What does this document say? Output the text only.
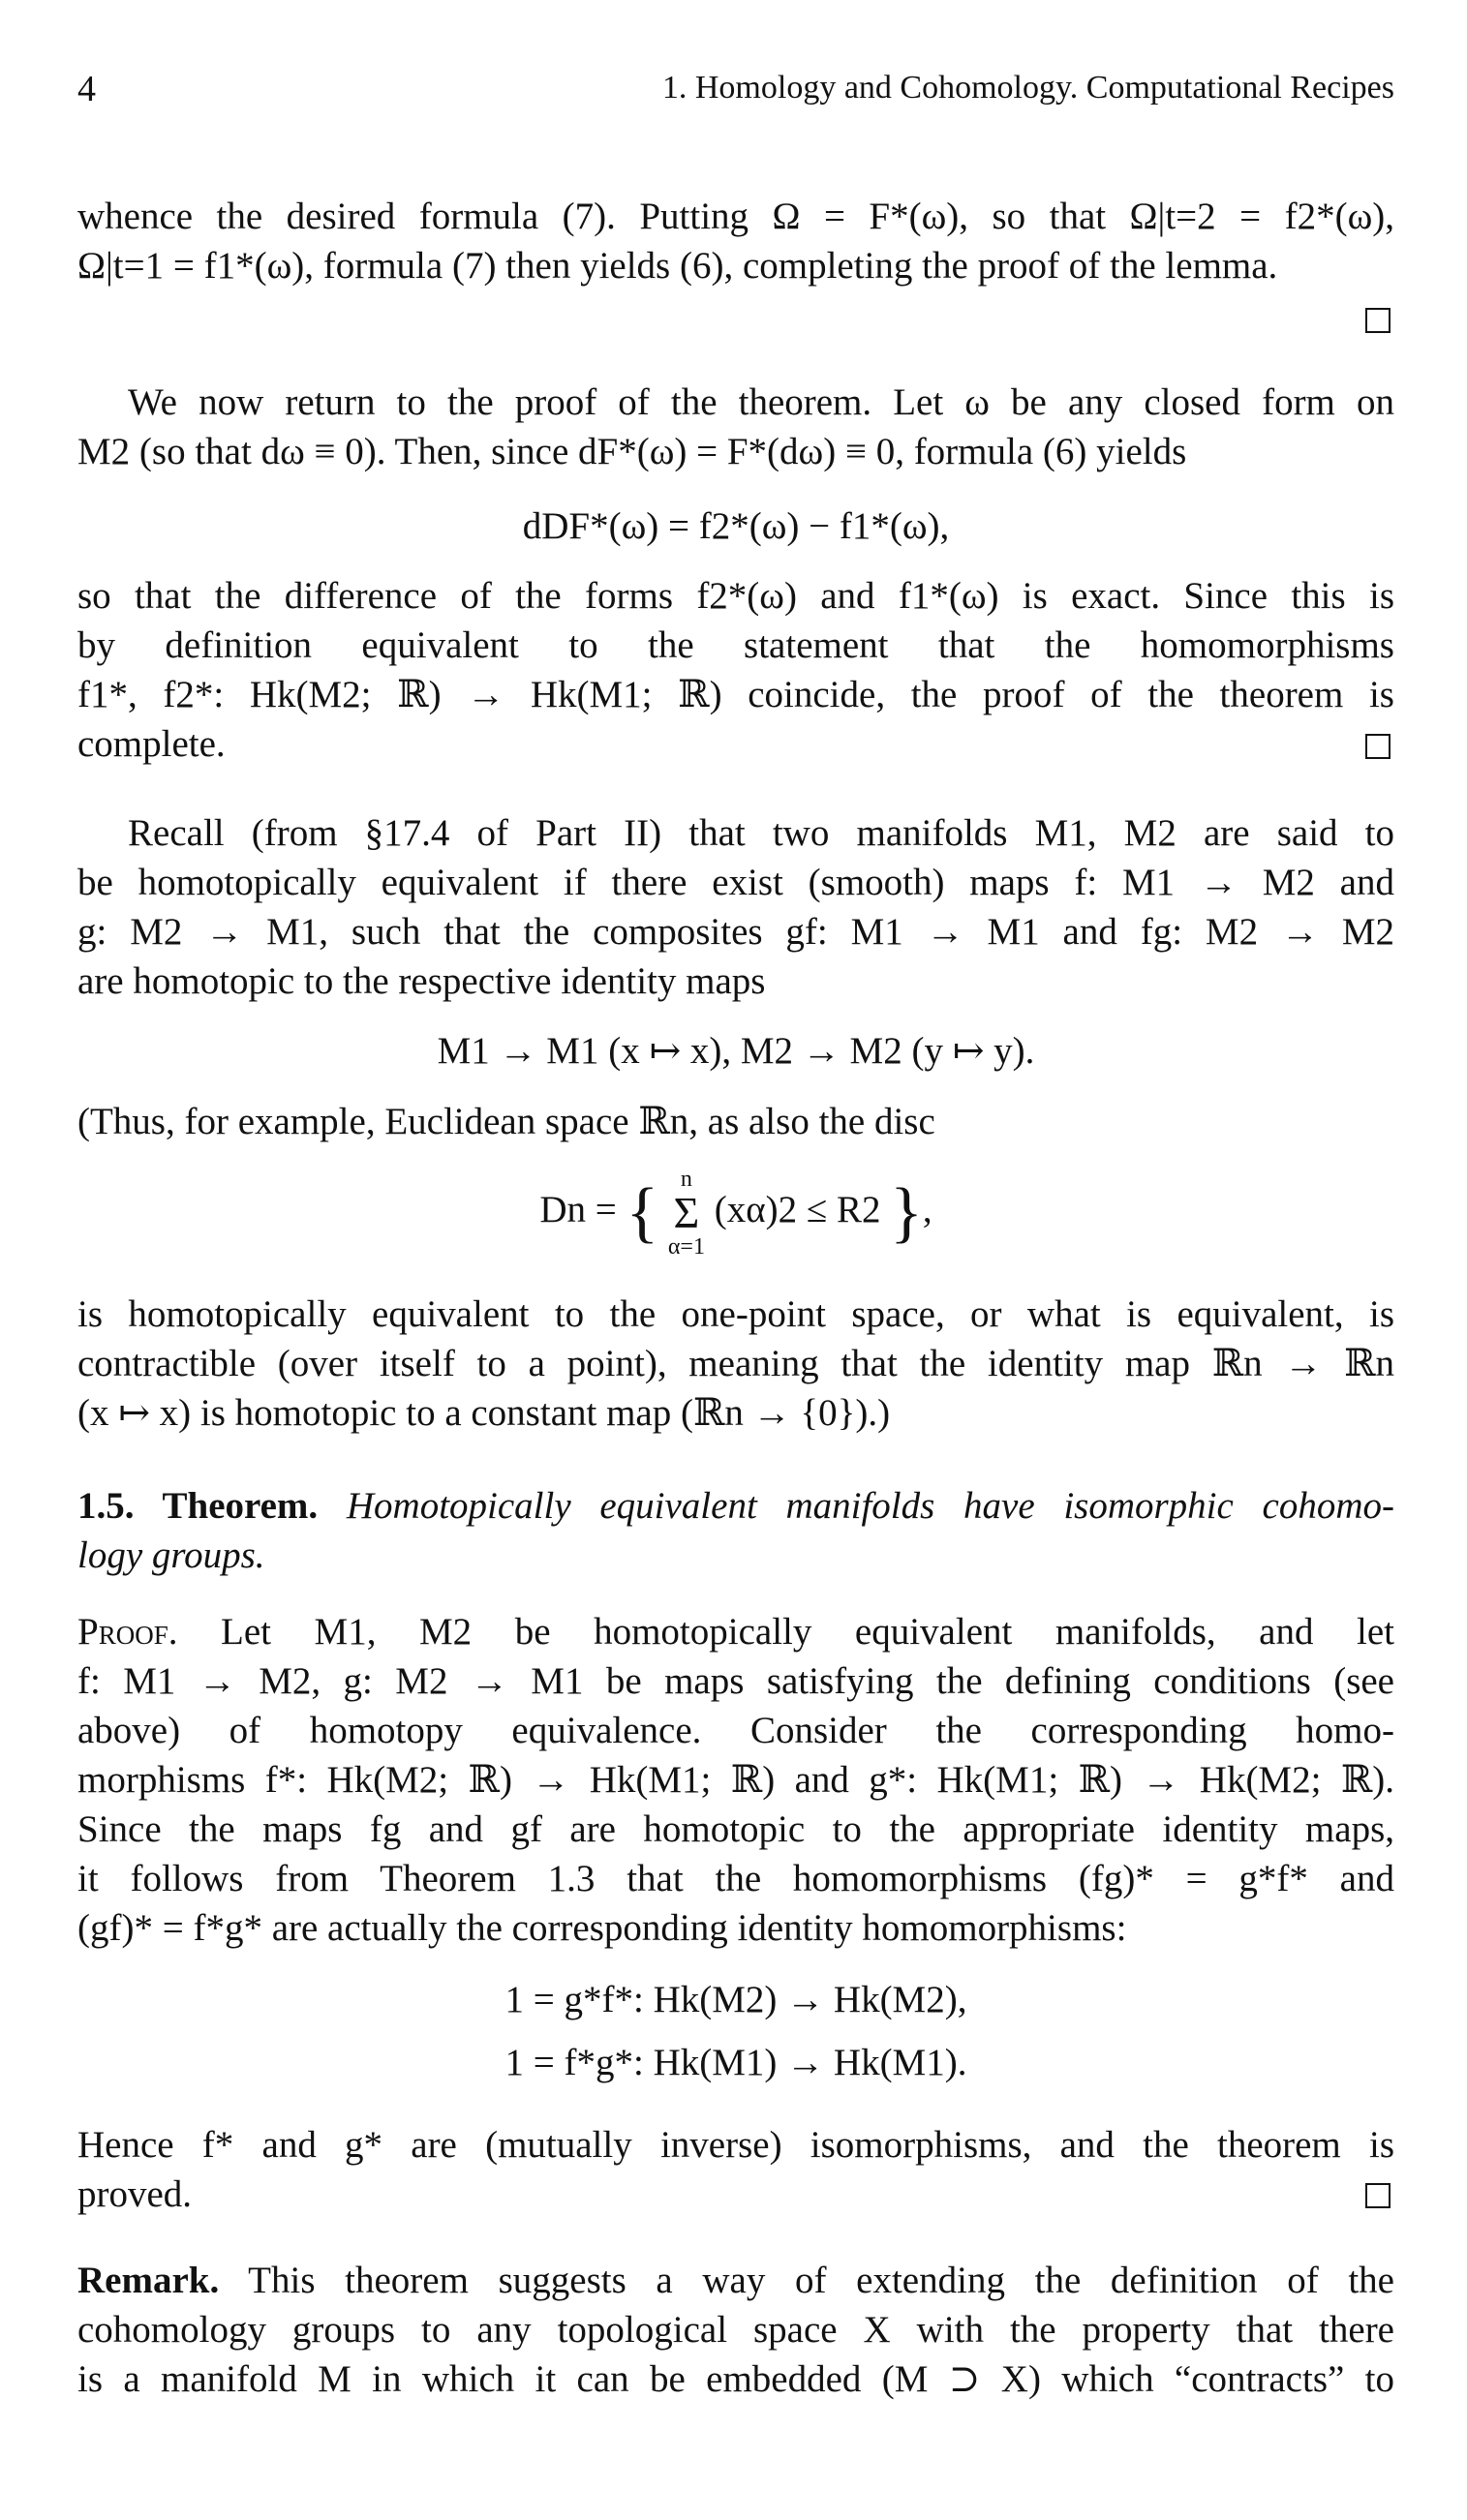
4	1. Homology and Cohomology. Computational Recipes
whence the desired formula (7). Putting Ω = F*(ω), so that Ω|t=2 = f2*(ω),
Ω|t=1 = f1*(ω), formula (7) then yields (6), completing the proof of the lemma.
We now return to the proof of the theorem. Let ω be any closed form on
M2 (so that dω ≡ 0). Then, since dF*(ω) = F*(dω) ≡ 0, formula (6) yields
dDF*(ω) = f2*(ω) − f1*(ω),
so that the difference of the forms f2*(ω) and f1*(ω) is exact. Since this is
by definition equivalent to the statement that the homomorphisms
f1*, f2*: Hk(M2; ℝ) → Hk(M1; ℝ) coincide, the proof of the theorem is
complete.
Recall (from §17.4 of Part II) that two manifolds M1, M2 are said to
be homotopically equivalent if there exist (smooth) maps f: M1 → M2 and
g: M2 → M1, such that the composites gf: M1 → M1 and fg: M2 → M2
are homotopic to the respective identity maps
M1 → M1 (x ↦ x), M2 → M2 (y ↦ y).
(Thus, for example, Euclidean space ℝn, as also the disc
Dn = { n
Σ
α=1
(xα)2 ≤ R2 },
is homotopically equivalent to the one-point space, or what is equivalent, is
contractible (over itself to a point), meaning that the identity map ℝn → ℝn
(x ↦ x) is homotopic to a constant map (ℝn → {0}).)
1.5. Theorem. Homotopically equivalent manifolds have isomorphic cohomo-
logy groups.
Proof. Let M1, M2 be homotopically equivalent manifolds, and let
f: M1 → M2, g: M2 → M1 be maps satisfying the defining conditions (see
above) of homotopy equivalence. Consider the corresponding homo-
morphisms f*: Hk(M2; ℝ) → Hk(M1; ℝ) and g*: Hk(M1; ℝ) → Hk(M2; ℝ).
Since the maps fg and gf are homotopic to the appropriate identity maps,
it follows from Theorem 1.3 that the homomorphisms (fg)* = g*f* and
(gf)* = f*g* are actually the corresponding identity homomorphisms:
1 = g*f*: Hk(M2) → Hk(M2),
1 = f*g*: Hk(M1) → Hk(M1).
Hence f* and g* are (mutually inverse) isomorphisms, and the theorem is
proved.
Remark. This theorem suggests a way of extending the definition of the
cohomology groups to any topological space X with the property that there
is a manifold M in which it can be embedded (M ⊃ X) which “contracts” to
